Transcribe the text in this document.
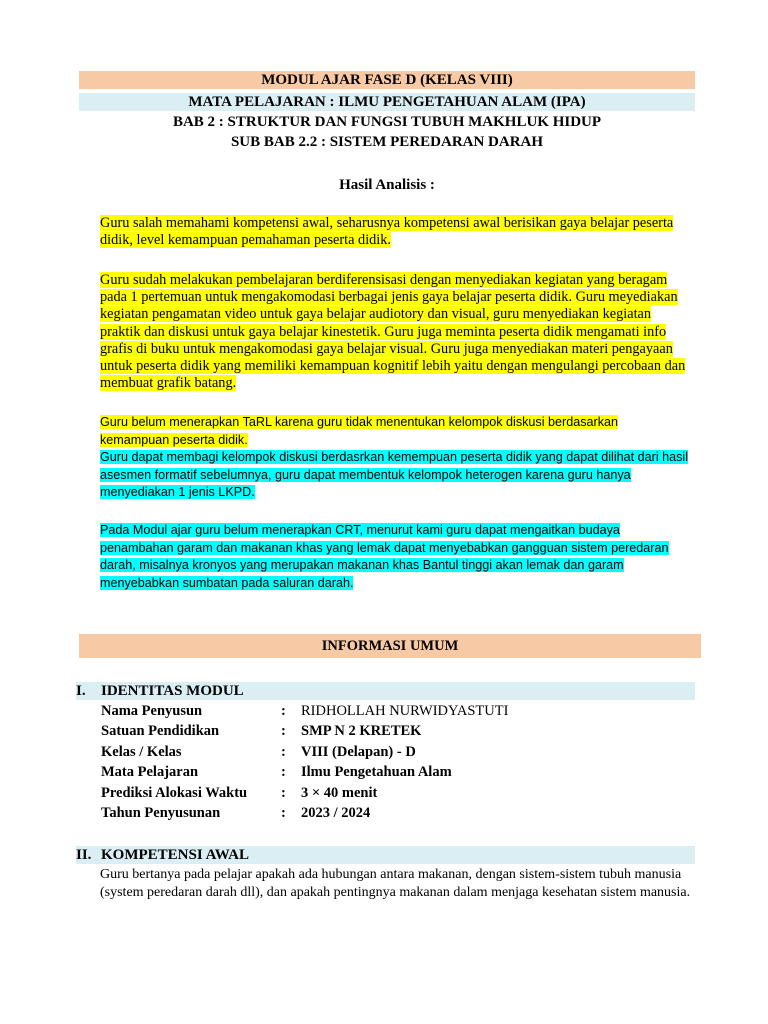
MODUL AJAR FASE D (KELAS VIII)
MATA PELAJARAN : ILMU PENGETAHUAN ALAM (IPA)
BAB 2 : STRUKTUR DAN FUNGSI TUBUH MAKHLUK HIDUP
SUB BAB 2.2 : SISTEM PEREDARAN DARAH
Hasil Analisis :
Guru salah memahami kompetensi awal, seharusnya kompetensi awal berisikan gaya belajar peserta didik, level kemampuan pemahaman peserta didik.
Guru sudah melakukan pembelajaran berdiferensisasi dengan menyediakan kegiatan yang beragam pada 1 pertemuan untuk mengakomodasi berbagai jenis gaya belajar peserta didik. Guru meyediakan kegiatan pengamatan video untuk gaya belajar audiotory dan visual, guru menyediakan kegiatan praktik dan diskusi untuk gaya belajar kinestetik. Guru juga meminta peserta didik mengamati info grafis di buku untuk mengakomodasi gaya belajar visual. Guru juga menyediakan materi pengayaan untuk peserta didik yang memiliki kemampuan kognitif lebih yaitu dengan mengulangi percobaan dan membuat grafik batang.
Guru belum menerapkan TaRL karena guru tidak menentukan kelompok diskusi berdasarkan kemampuan peserta didik.
Guru dapat membagi kelompok diskusi berdasrkan kemempuan peserta didik yang dapat dilihat dari hasil asesmen formatif sebelumnya, guru dapat membentuk kelompok heterogen karena guru hanya menyediakan 1 jenis LKPD.
Pada Modul ajar guru belum menerapkan CRT, menurut kami guru dapat mengaitkan budaya penambahan garam dan makanan khas yang lemak dapat menyebabkan gangguan sistem peredaran darah, misalnya kronyos yang merupakan makanan khas Bantul tinggi akan lemak dan garam menyebabkan sumbatan pada saluran darah.
INFORMASI UMUM
I. IDENTITAS MODUL
Nama Penyusun	: RIDHOLLAH NURWIDYASTUTI
Satuan Pendidikan	: SMP N 2 KRETEK
Kelas / Kelas	: VIII (Delapan) - D
Mata Pelajaran	: Ilmu Pengetahuan Alam
Prediksi Alokasi Waktu : 3 × 40 menit
Tahun Penyusunan	: 2023 / 2024
II. KOMPETENSI AWAL
Guru bertanya pada pelajar apakah ada hubungan antara makanan, dengan sistem-sistem tubuh manusia (system peredaran darah dll), dan apakah pentingnya makanan dalam menjaga kesehatan sistem manusia.
